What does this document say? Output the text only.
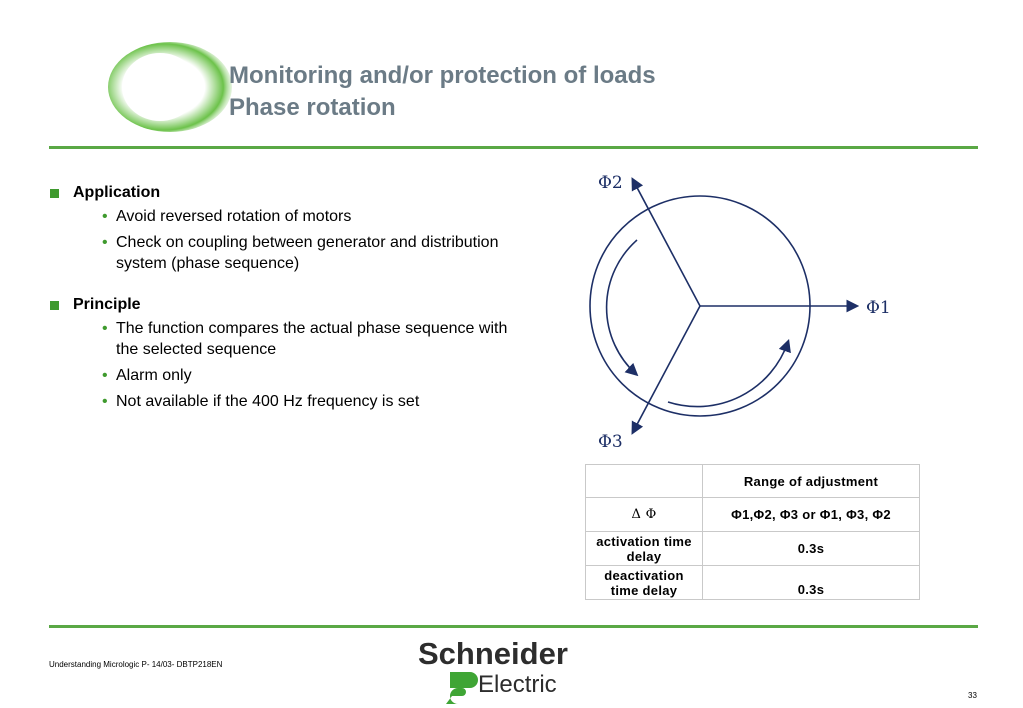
Monitoring and/or protection of loads
Phase rotation
Application
• Avoid reversed rotation of motors
• Check on coupling between generator and distribution system (phase sequence)
Principle
• The function compares the actual phase sequence with the selected sequence
• Alarm only
• Not available if the 400 Hz frequency is set
Φ2
Φ1
Φ3
	Range of adjustment
Δ Φ	Φ1,Φ2, Φ3 or Φ1, Φ3, Φ2
activation time delay	0.3s
deactivation time delay	0.3s
Understanding Micrologic P- 14/03- DBTP218EN	Schneider
Electric	33
